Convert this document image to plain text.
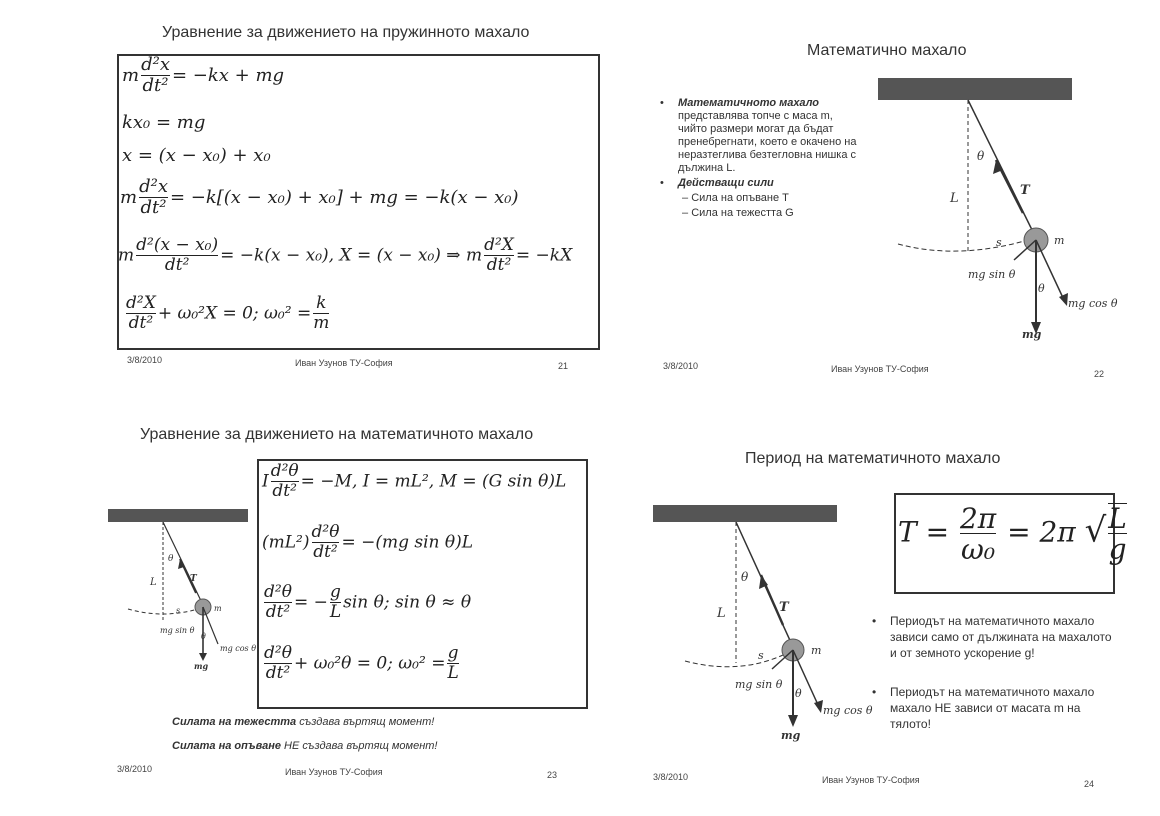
Уравнение за движението на пружинното махало
m $\frac{\text{d²x}}{\text{dt²}} = -kx$ + mg
kx₀ = mg
x = (x − x₀) + x₀
m $\frac{\text{d²x}}{\text{dt²}} = -k[(x - x_0) + x_0]$ + mg = −k(x − x₀)
m $\frac{\text{d²(x − x₀)}}{\text{dt²}} = -k(x - x_0)$, X = (x − x₀) ⇒ m $\frac{\text{d²X}}{\text{dt²}} = -kX$
$\frac{\text{d²X}}{\text{dt²}} + \omega_0^2X = 0$; $\omega_0^2 = \frac{k}{m}$
3/8/2010	Иван Узунов ТУ-София	21
Математично махало
• Математичното махало представлява топче с маса m, чийто размери могат да бъдат пренебрегнати, което е окачено на неразтеглива безтегловна нишка с дължина L.
• Действащи сили
– Сила на опъване T
– Сила на тежестта G
θ
L
T
s	m
mg sin θ
θ
mg cos θ
mg
3/8/2010	Иван Узунов ТУ-София	22
Уравнение за движението на математичното махало
θ
L	T
s	m
mg sin θ
θ
mg cos θ
mg
I $\frac{\text{d²θ}}{\text{dt²}} = -M$, I = mL², M = (G sin θ)L
$(mL^2) \frac{\text{d²θ}}{\text{dt²}} = -(mg$ sin θ)L
$\frac{\text{d²θ}}{\text{dt²}}$ = − $\frac{g}{L}$ sin θ; sin θ ≈ θ
$\frac{\text{d²θ}}{\text{dt²}} + \omega_0^2\theta = 0$; $\omega_0^2 = \frac{g}{L}$
Силата на тежестта създава въртящ момент!
Силата на опъване НЕ създава въртящ момент!
3/8/2010	Иван Узунов ТУ-София	23
Период на математичното махало
θ
L	T
s	m
mg sin θ
θ
mg cos θ
mg
$T = \frac{2\pi}{\text{ω₀}} = 2\pi$ √ $\frac{L}{g}$
• Периодът на математичното махало зависи само от дължината на махалото и от земното ускорение g!
• Периодът на математичното махало
махало НЕ зависи от масата m на тялото!
3/8/2010	Иван Узунов ТУ-София	24
